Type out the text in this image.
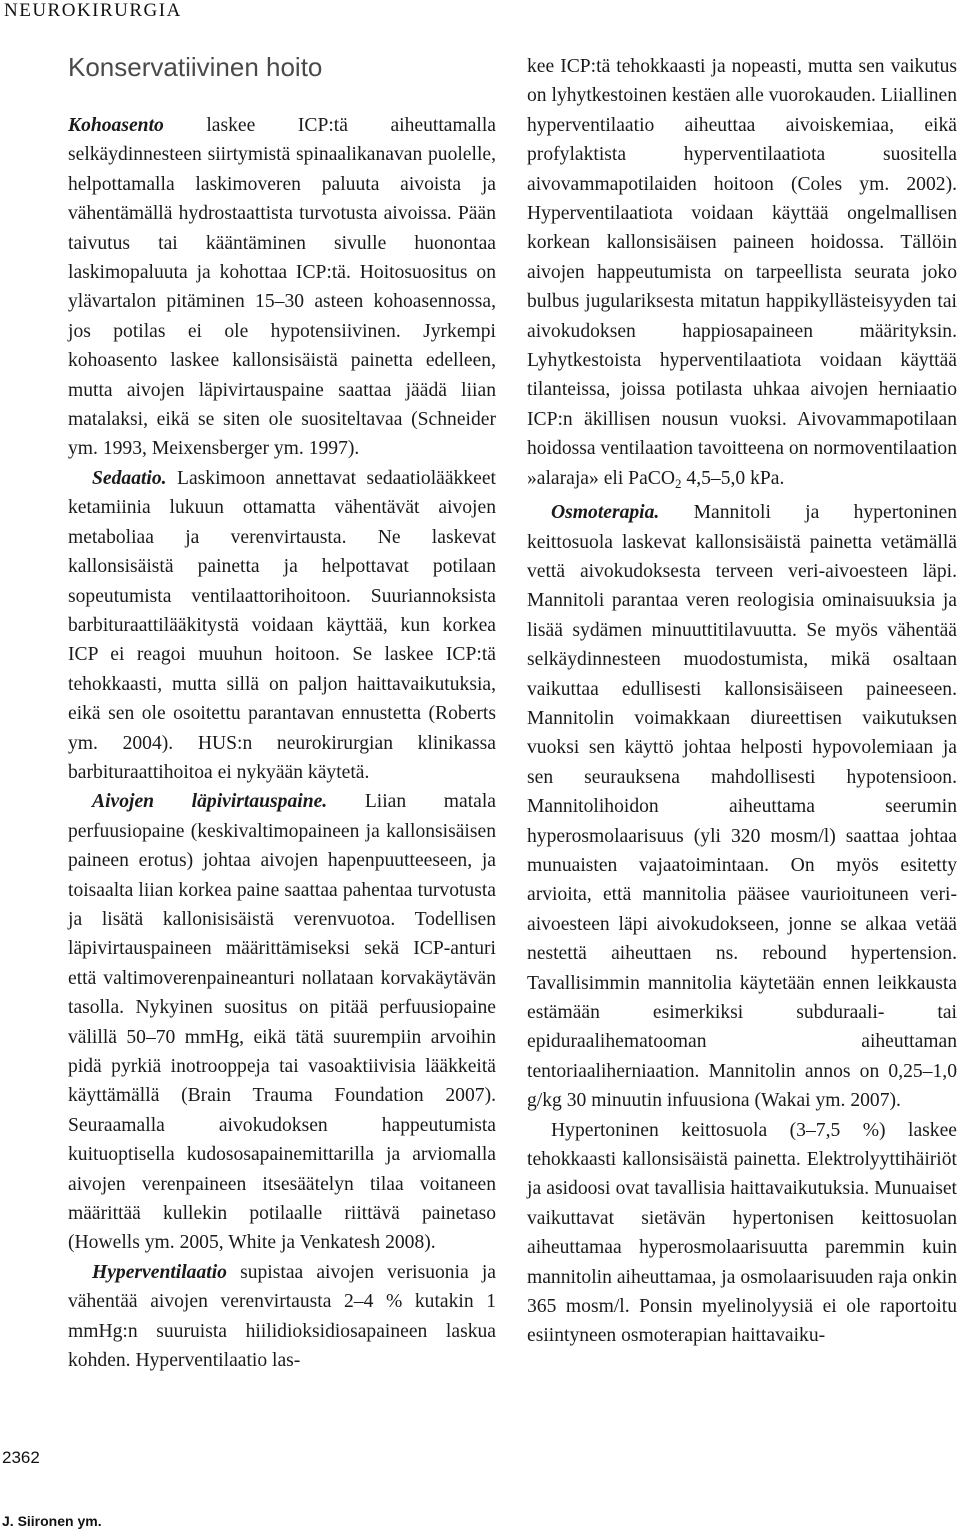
NEUROKIRURGIA
Konservatiivinen hoito

Kohoasento laskee ICP:tä aiheuttamalla selkäydinnesteen siirtymistä spinaalikanavan puolelle, helpottamalla laskimoveren paluuta aivoista ja vähentämällä hydrostaattista turvotusta aivoissa. Pään taivutus tai kääntäminen sivulle huonontaa laskimopaluuta ja kohottaa ICP:tä. Hoitosuositus on ylävartalon pitäminen 15–30 asteen kohoasennossa, jos potilas ei ole hypotensiivinen. Jyrkempi kohoasento laskee kallonsisäistä painetta edelleen, mutta aivojen läpivirtauspaine saattaa jäädä liian matalaksi, eikä se siten ole suositeltavaa (Schneider ym. 1993, Meixensberger ym. 1997).

Sedaatio. Laskimoon annettavat sedaatiolääkkeet ketamiinia lukuun ottamatta vähentävät aivojen metaboliaa ja verenvirtausta. Ne laskevat kallonsisäistä painetta ja helpottavat potilaan sopeutumista ventilaattorihoitoon. Suuriannoksista barbituraattilääkitystä voidaan käyttää, kun korkea ICP ei reagoi muuhun hoitoon. Se laskee ICP:tä tehokkaasti, mutta sillä on paljon haittavaikutuksia, eikä sen ole osoitettu parantavan ennustetta (Roberts ym. 2004). HUS:n neurokirurgian klinikassa barbituraattihoitoa ei nykyään käytetä.

Aivojen läpivirtauspaine. Liian matala perfuusiopaine (keskivaltimopaineen ja kallonsisäisen paineen erotus) johtaa aivojen hapenpuutteeseen, ja toisaalta liian korkea paine saattaa pahentaa turvotusta ja lisätä kallonisisäistä verenvuotoa. Todellisen läpivirtauspaineen määrittämiseksi sekä ICP-anturi että valtimoverenpaineanturi nollataan korvakäytävän tasolla. Nykyinen suositus on pitää perfuusiopaine välillä 50–70 mmHg, eikä tätä suurempiin arvoihin pidä pyrkiä inotrooppeja tai vasoaktiivisia lääkkeitä käyttämällä (Brain Trauma Foundation 2007). Seuraamalla aivokudoksen happeutumista kuituoptisella kudososapainemittarilla ja arviomalla aivojen verenpaineen itsesäätelyn tilaa voitaneen määrittää kullekin potilaalle riittävä painetaso (Howells ym. 2005, White ja Venkatesh 2008).

Hyperventilaatio supistaa aivojen verisuonia ja vähentää aivojen verenvirtausta 2–4 % kutakin 1 mmHg:n suuruista hiilidioksidiosapaineen laskua kohden. Hyperventilaatio las-

kee ICP:tä tehokkaasti ja nopeasti, mutta sen vaikutus on lyhytkestoinen kestäen alle vuorokauden. Liiallinen hyperventilaatio aiheuttaa aivoiskemiaa, eikä profylaktista hyperventilaatiota suositella aivovammapotilaiden hoitoon (Coles ym. 2002). Hyperventilaatiota voidaan käyttää ongelmallisen korkean kallonsisäisen paineen hoidossa. Tällöin aivojen happeutumista on tarpeellista seurata joko bulbus jugulariksesta mitatun happikyllästeisyyden tai aivokudoksen happiosapaineen määrityksin. Lyhytkestoista hyperventilaatiota voidaan käyttää tilanteissa, joissa potilasta uhkaa aivojen herniaatio ICP:n äkillisen nousun vuoksi. Aivovammapotilaan hoidossa ventilaation tavoitteena on normoventilaation »alaraja» eli PaCO$_2$ 4,5–5,0 kPa.

Osmoterapia. Mannitoli ja hypertoninen keittosuola laskevat kallonsisäistä painetta vetämällä vettä aivokudoksesta terveen veri-aivoesteen läpi. Mannitoli parantaa veren reologisia ominaisuuksia ja lisää sydämen minuuttitilavuutta. Se myös vähentää selkäydinnesteen muodostumista, mikä osaltaan vaikuttaa edullisesti kallonsisäiseen paineeseen. Mannitolin voimakkaan diureettisen vaikutuksen vuoksi sen käyttö johtaa helposti hypovolemiaan ja sen seurauksena mahdollisesti hypotensioon. Mannitolihoidon aiheuttama seerumin hyperosmolaarisuus (yli 320 mosm/l) saattaa johtaa munuaisten vajaatoimintaan. On myös esitetty arvioita, että mannitolia pääsee vaurioituneen veri-aivoesteen läpi aivokudokseen, jonne se alkaa vetää nestettä aiheuttaen ns. rebound hypertension. Tavallisimmin mannitolia käytetään ennen leikkausta estämään esimerkiksi subduraali- tai epiduraalihematooman aiheuttaman tentoriaaliherniaation. Mannitolin annos on 0,25–1,0 g/kg 30 minuutin infuusiona (Wakai ym. 2007).

Hypertoninen keittosuola (3–7,5 %) laskee tehokkaasti kallonsisäistä painetta. Elektrolyyttihäiriöt ja asidoosi ovat tavallisia haittavaikutuksia. Munuaiset vaikuttavat sietävän hypertonisen keittosuolan aiheuttamaa hyperosmolaarisuutta paremmin kuin mannitolin aiheuttamaa, ja osmolaarisuuden raja onkin 365 mosm/l. Ponsin myelinolyysiä ei ole raportoitu esiintyneen osmoterapian haittavaiku-

2362
J. Siironen ym.
